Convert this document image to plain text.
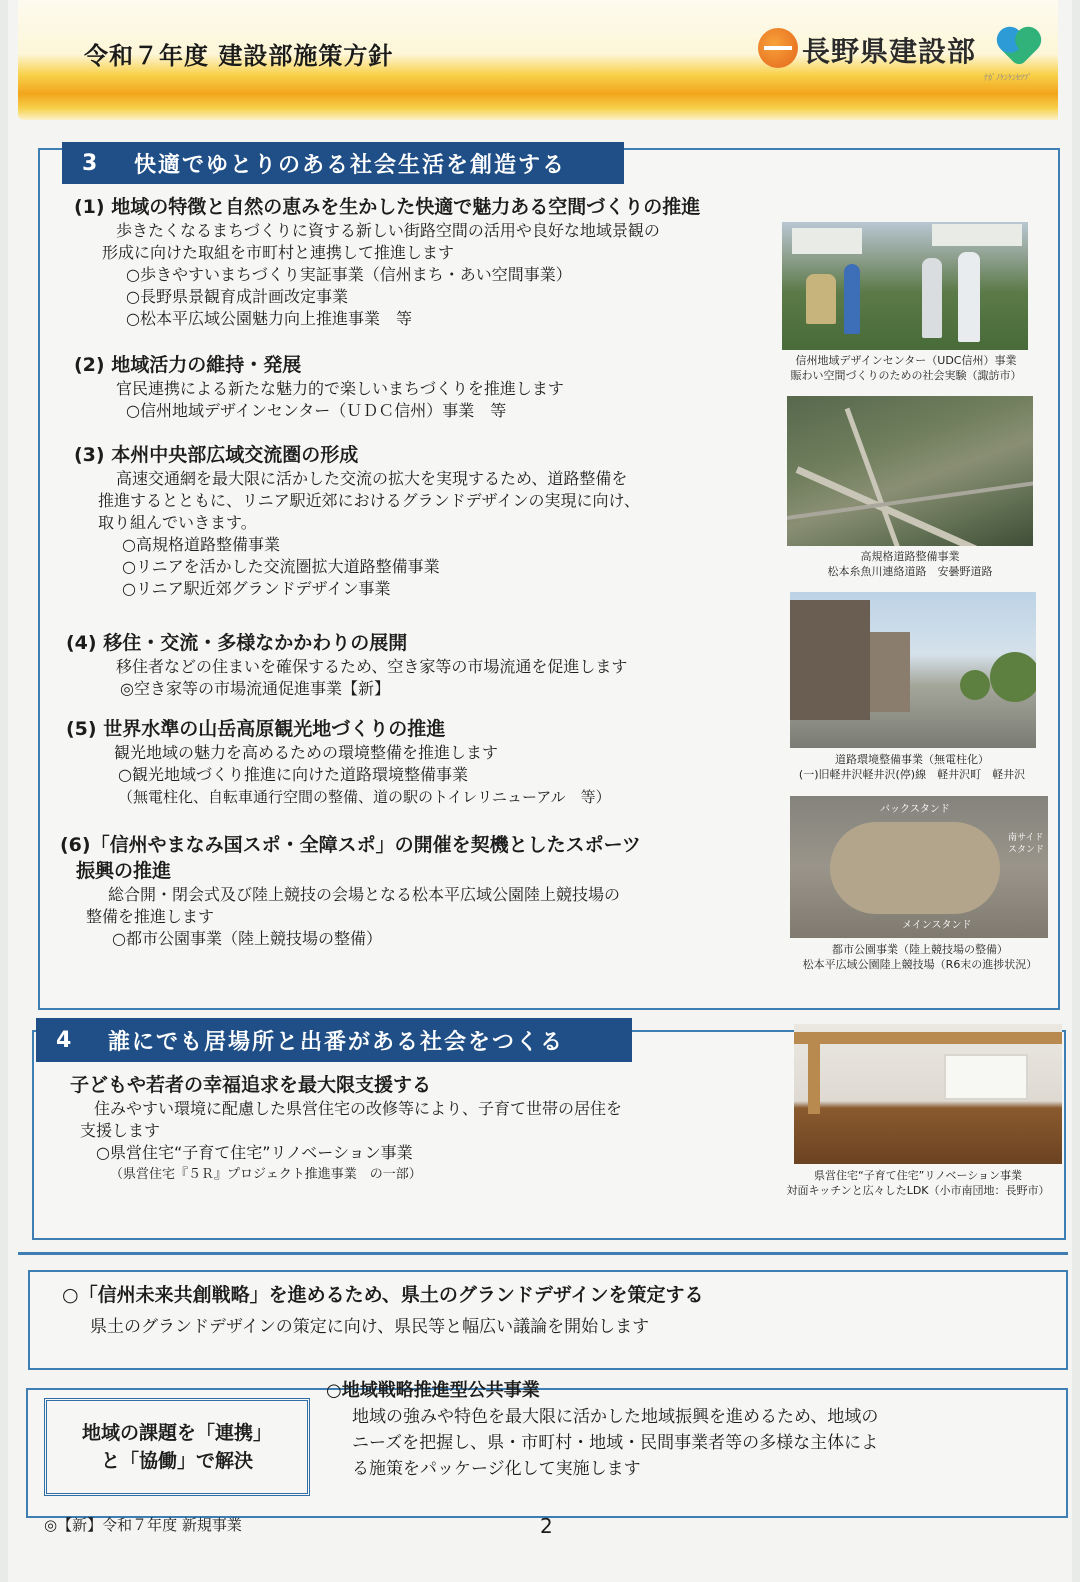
令和７年度 建設部施策方針	長野県建設部
ﾅｶﾞﾉｹﾝｹﾝｾﾂﾌﾞ
3	快適でゆとりのある社会生活を創造する

(1) 地域の特徴と自然の恵みを生かした快適で魅力ある空間づくりの推進

歩きたくなるまちづくりに資する新しい街路空間の活用や良好な地域景観の

形成に向けた取組を市町村と連携して推進します

○歩きやすいまちづくり実証事業（信州まち・あい空間事業）

○長野県景観育成計画改定事業

○松本平広域公園魅力向上推進事業　等

(2) 地域活力の維持・発展

官民連携による新たな魅力的で楽しいまちづくりを推進します

○信州地域デザインセンター（ＵＤＣ信州）事業　等

(3) 本州中央部広域交流圏の形成

高速交通網を最大限に活かした交流の拡大を実現するため、道路整備を

推進するとともに、リニア駅近郊におけるグランドデザインの実現に向け、

取り組んでいきます。

○高規格道路整備事業

○リニアを活かした交流圏拡大道路整備事業

○リニア駅近郊グランドデザイン事業

(4) 移住・交流・多様なかかわりの展開

移住者などの住まいを確保するため、空き家等の市場流通を促進します

◎空き家等の市場流通促進事業【新】

(5) 世界水準の山岳高原観光地づくりの推進

観光地域の魅力を高めるための環境整備を推進します

○観光地域づくり推進に向けた道路環境整備事業

（無電柱化、自転車通行空間の整備、道の駅のトイレリニューアル　等）

(6)「信州やまなみ国スポ・全障スポ」の開催を契機としたスポーツ

振興の推進

総合開・閉会式及び陸上競技の会場となる松本平広域公園陸上競技場の

整備を推進します

○都市公園事業（陸上競技場の整備）

信州地域デザインセンター（UDC信州）事業
賑わい空間づくりのための社会実験（諏訪市）
高規格道路整備事業
松本糸魚川連絡道路　安曇野道路
道路環境整備事業（無電柱化）
(一)旧軽井沢軽井沢(停)線　軽井沢町　軽井沢
バックスタンド
南サイド
スタンド
メインスタンド
都市公園事業（陸上競技場の整備）
松本平広域公園陸上競技場（R6末の進捗状況）
4	誰にでも居場所と出番がある社会をつくる

子どもや若者の幸福追求を最大限支援する

住みやすい環境に配慮した県営住宅の改修等により、子育て世帯の居住を

支援します

○県営住宅“子育て住宅”リノベーション事業

（県営住宅『５Ｒ』プロジェクト推進事業　の一部）	県営住宅“子育て住宅”リノベーション事業
対面キッチンと広々したLDK（小市南団地：長野市）

○「信州未来共創戦略」を進めるため、県土のグランドデザインを策定する

県土のグランドデザインの策定に向け、県民等と幅広い議論を開始します

地域の課題を「連携」
と「協働」で解決

○地域戦略推進型公共事業

地域の強みや特色を最大限に活かした地域振興を進めるため、地域の

ニーズを把握し、県・市町村・地域・民間事業者等の多様な主体によ

る施策をパッケージ化して実施します

◎【新】令和７年度 新規事業	2
